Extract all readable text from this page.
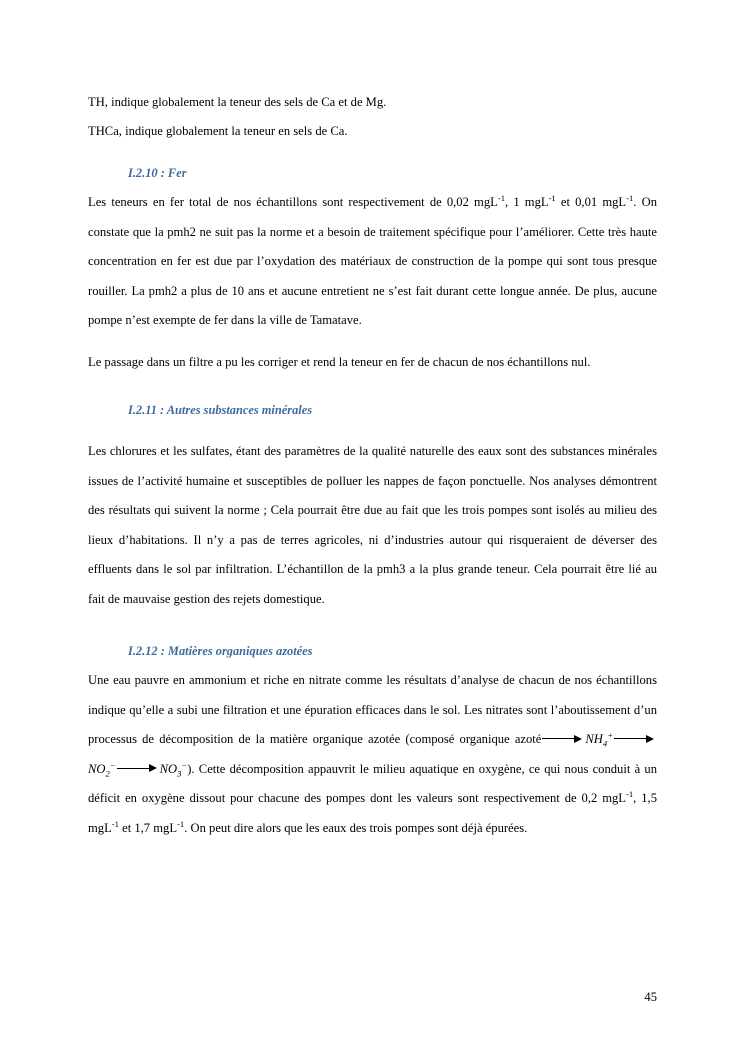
TH, indique globalement la teneur des sels de Ca et de Mg.

THCa, indique globalement la teneur en sels de Ca.

I.2.10 : Fer

Les teneurs en fer total de nos échantillons sont respectivement de 0,02 mgL$^{-1}$, 1 mgL$^{-1}$ et 0,01 mgL$^{-1}$. On constate que la pmh2 ne suit pas la norme et a besoin de traitement spécifique pour l’améliorer. Cette très haute concentration en fer est due par l’oxydation des matériaux de construction de la pompe qui sont tous presque rouiller. La pmh2 a plus de 10 ans et aucune entretient ne s’est fait durant cette longue année. De plus, aucune pompe n’est exempte de fer dans la ville de Tamatave.

Le passage dans un filtre a pu les corriger et rend la teneur en fer de chacun de nos échantillons nul.

I.2.11 : Autres substances minérales

Les chlorures et les sulfates, étant des paramètres de la qualité naturelle des eaux sont des substances minérales issues de l’activité humaine et susceptibles de polluer les nappes de façon ponctuelle. Nos analyses démontrent des résultats qui suivent la norme ; Cela pourrait être due au fait que les trois pompes sont isolés au milieu des lieux d’habitations. Il n’y a pas de terres agricoles, ni d’industries autour qui risqueraient de déverser des effluents dans le sol par infiltration. L’échantillon de la pmh3 a la plus grande teneur. Cela pourrait être lié au fait de mauvaise gestion des rejets domestique.

I.2.12 : Matières organiques azotées

Une eau pauvre en ammonium et riche en nitrate comme les résultats d’analyse de chacun de nos échantillons indique qu’elle a subi une filtration et une épuration efficaces dans le sol. Les nitrates sont l’aboutissement d’un processus de décomposition de la matière organique azotée (composé organique azoté	$NH_4^+NO_2^-$	$NO_3^-$). Cette décomposition appauvrit le milieu aquatique en oxygène, ce qui nous conduit à un déficit en oxygène dissout pour chacune des pompes dont les valeurs sont respectivement de 0,2 mgL$^{-1}$, 1,5 mgL$^{-1}$ et 1,7 mgL$^{-1}$. On peut dire alors que les eaux des trois pompes sont déjà épurées.

45
